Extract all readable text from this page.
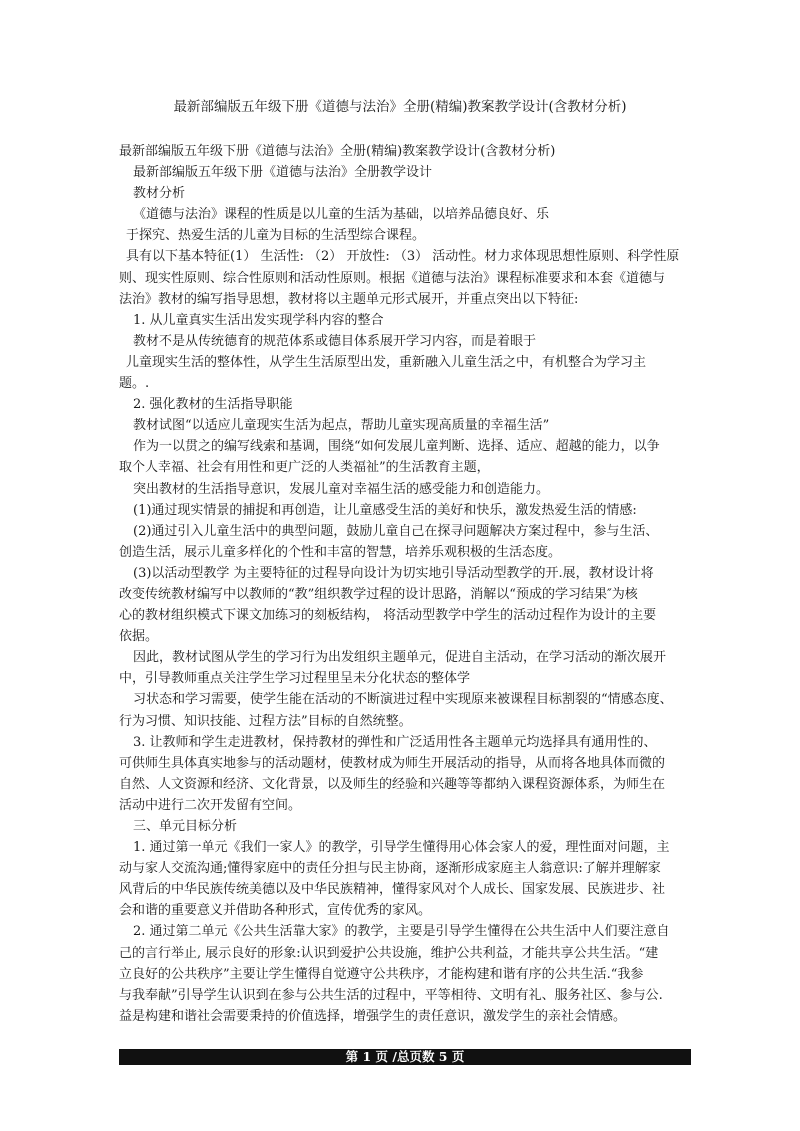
最新部编版五年级下册《道德与法治》全册(精编)教案教学设计(含教材分析)

最新部编版五年级下册《道德与法治》全册(精编)教案教学设计(含教材分析)

最新部编版五年级下册《道德与法治》全册教学设计

教材分析

《道德与法治》课程的性质是以儿童的生活为基础，以培养品德良好、乐

于探究、热爱生活的儿童为目标的生活型综合课程。

具有以下基本特征(1） 生活性: （2） 开放性: （3） 活动性。材力求体现思想性原则、科学性原

则、现实性原则、综合性原则和活动性原则。根据《道德与法治》课程标准要求和本套《道德与

法治》教材的编写指导思想，教材将以主题单元形式展开，并重点突出以下特征:

1. 从儿童真实生活出发实现学科内容的整合

教材不是从传统德育的规范体系或德目体系展开学习内容，而是着眼于

儿童现实生活的整体性，从学生生活原型出发，重新融入儿童生活之中，有机整合为学习主

题。.

2. 强化教材的生活指导职能

教材试图“以适应儿童现实生活为起点，帮助儿童实现高质量的幸福生活”

作为一以贯之的编写线索和基调，围绕“如何发展儿童判断、选择、适应、超越的能力，以争

取个人幸福、社会有用性和更广泛的人类福祉”的生活教育主题，

突出教材的生活指导意识，发展儿童对幸福生活的感受能力和创造能力。

(1)通过现实情景的捕捉和再创造，让儿童感受生活的美好和快乐，激发热爱生活的情感:

(2)通过引入儿童生活中的典型问题，鼓励儿童自己在探寻问题解决方案过程中，参与生活、

创造生活，展示儿童多样化的个性和丰富的智慧，培养乐观积极的生活态度。

(3)以活动型教学 为主要特征的过程导向设计为切实地引导活动型教学的开.展，教材设计将

改变传统教材编写中以教师的“教”组织教学过程的设计思路，消解以“预成的学习结果″为核

心的教材组织模式下课文加练习的刻板结构， 将活动型教学中学生的活动过程作为设计的主要

依据。

因此，教材试图从学生的学习行为出发组织主题单元，促进自主活动，在学习活动的渐次展开

中，引导教师重点关注学生学习过程里呈未分化状态的整体学

习状态和学习需要，使学生能在活动的不断演进过程中实现原来被课程目标割裂的“情感态度、

行为习惯、知识技能、过程方法”目标的自然统整。

3. 让教师和学生走进教材，保持教材的弹性和广泛适用性各主题单元均选择具有通用性的、

可供师生具体真实地参与的活动题材，使教材成为师生开展活动的指导，从而将各地具体而微的

自然、人文资源和经济、文化背景，以及师生的经验和兴趣等等都纳入课程资源体系，为师生在

活动中进行二次开发留有空间。

三、单元目标分析

1. 通过第一单元《我们一家人》的教学，引导学生懂得用心体会家人的爱，理性面对问题，主

动与家人交流沟通;懂得家庭中的责任分担与民主协商，逐渐形成家庭主人翁意识:了解并理解家

风背后的中华民族传统美德以及中华民族精神，懂得家风对个人成长、国家发展、民族进步、社

会和谐的重要意义并借助各种形式，宣传优秀的家风。

2. 通过第二单元《公共生活靠大家》的教学，主要是引导学生懂得在公共生活中人们要注意自

己的言行举止, 展示良好的形象:认识到爱护公共设施，维护公共利益，才能共享公共生活。“建

立良好的公共秩序”主要让学生懂得自觉遵守公共秩序，才能构建和谐有序的公共生活.“我参

与我奉献”引导学生认识到在参与公共生活的过程中，平等相待、文明有礼、服务社区、参与公.

益是构建和谐社会需要秉持的价值选择，增强学生的责任意识，激发学生的亲社会情感。

第 1 页 /总页数 5 页
